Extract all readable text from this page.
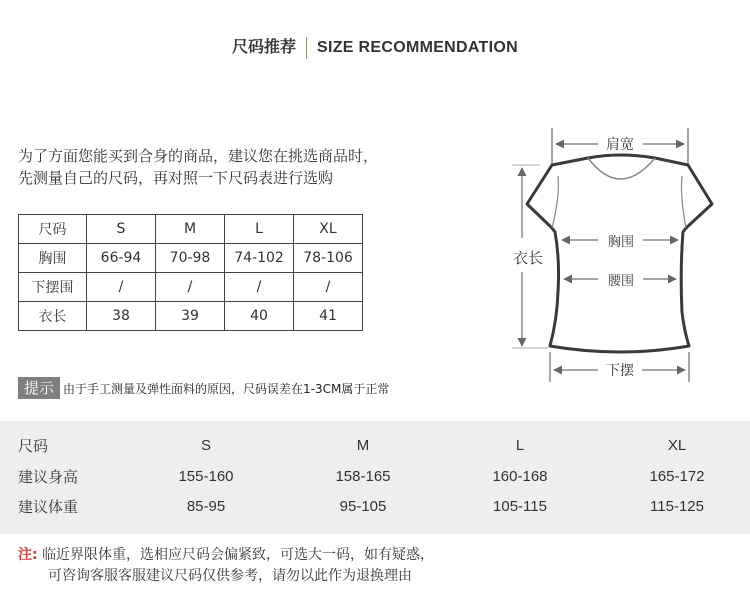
尺码推荐 SIZE RECOMMENDATION
为了方面您能买到合身的商品，建议您在挑选商品时，
先测量自己的尺码，再对照一下尺码表进行选购
尺码	S	M	L	XL
胸围	66-94	70-98	74-102	78-106
下摆围	/	/	/	/
衣长	38	39	40	41
肩宽
胸围
腰围
衣长
下摆
提示 由于手工测量及弹性面料的原因，尺码误差在1-3CM属于正常
尺码	S	M	L	XL
建议身高	155-160	158-165	160-168	165-172
建议体重	85-95	95-105	105-115	115-125
注: 临近界限体重，选相应尺码会偏紧致，可选大一码，如有疑惑，
可咨询客服客服建议尺码仅供参考，请勿以此作为退换理由
